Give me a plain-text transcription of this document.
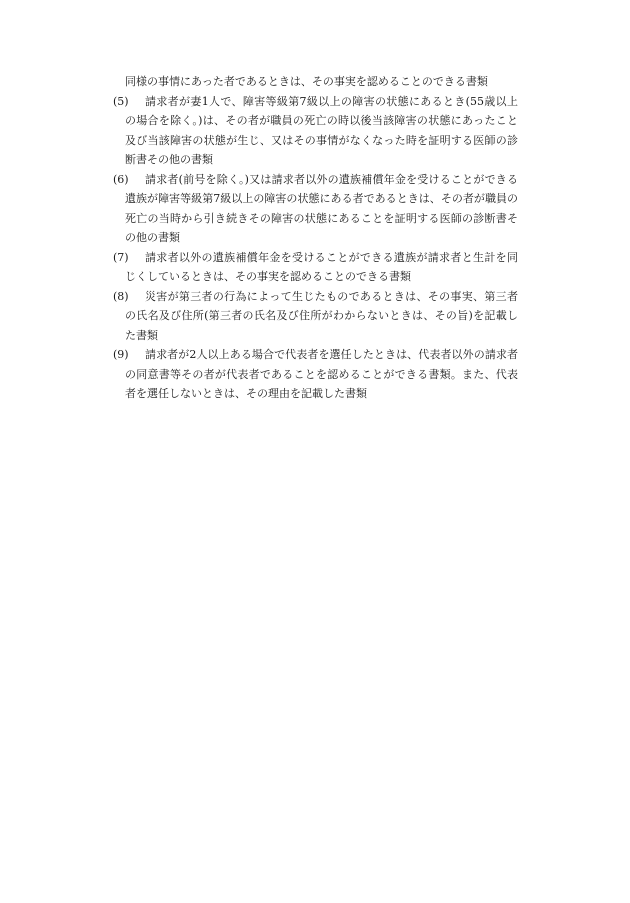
同様の事情にあった者であるときは、その事実を認めることのできる書類
(5)	請求者が妻1人で、障害等級第7級以上の障害の状態にあるとき(55歳以上の場合を除く。)は、その者が職員の死亡の時以後当該障害の状態にあったこと及び当該障害の状態が生じ、又はその事情がなくなった時を証明する医師の診断書その他の書類
(6)	請求者(前号を除く。)又は請求者以外の遺族補償年金を受けることができる遺族が障害等級第7級以上の障害の状態にある者であるときは、その者が職員の死亡の当時から引き続きその障害の状態にあることを証明する医師の診断書その他の書類
(7)	請求者以外の遺族補償年金を受けることができる遺族が請求者と生計を同じくしているときは、その事実を認めることのできる書類
(8)	災害が第三者の行為によって生じたものであるときは、その事実、第三者の氏名及び住所(第三者の氏名及び住所がわからないときは、その旨)を記載した書類
(9)	請求者が2人以上ある場合で代表者を選任したときは、代表者以外の請求者の同意書等その者が代表者であることを認めることができる書類。また、代表者を選任しないときは、その理由を記載した書類
